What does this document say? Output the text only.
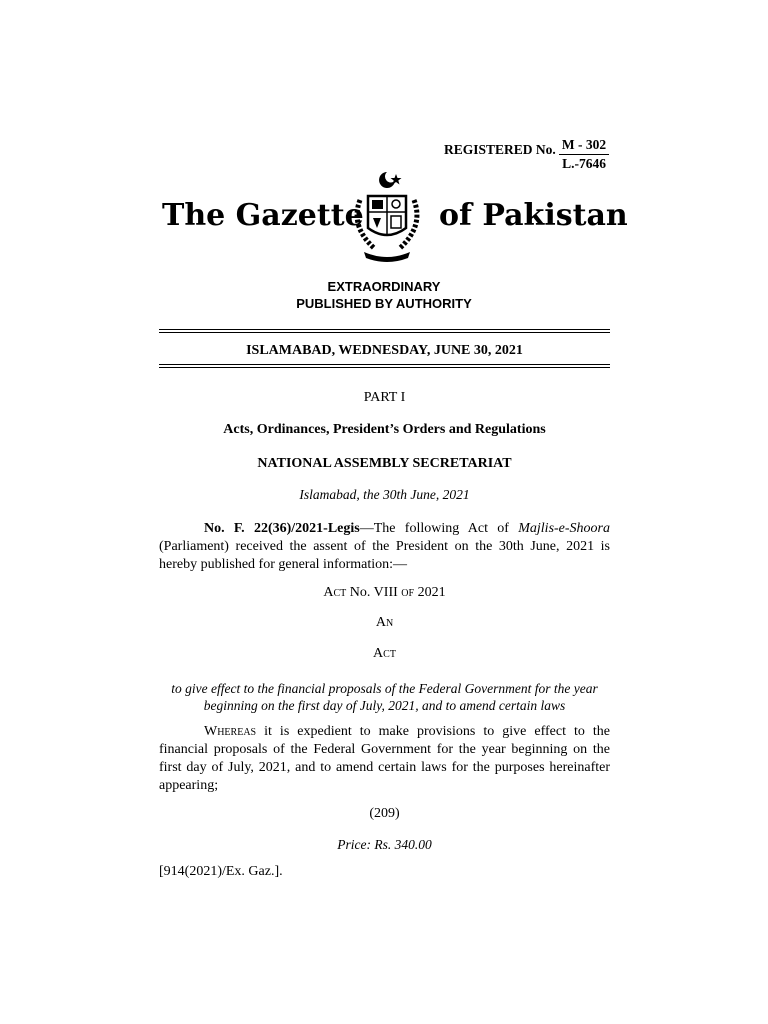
REGISTERED No. $\frac{M - 302}{L.-7646}$
The Gazette	of Pakistan
EXTRAORDINARY
PUBLISHED BY AUTHORITY
ISLAMABAD, WEDNESDAY, JUNE 30, 2021
PART I
Acts, Ordinances, President’s Orders and Regulations
NATIONAL ASSEMBLY SECRETARIAT
Islamabad, the 30th June, 2021
No. F. 22(36)/2021-Legis—The following Act of Majlis-e-Shoora (Parliament) received the assent of the President on the 30th June, 2021 is hereby published for general information:—
Act No. VIII of 2021
An
Act
to give effect to the financial proposals of the Federal Government for the year
beginning on the first day of July, 2021, and to amend certain laws
Whereas it is expedient to make provisions to give effect to the financial proposals of the Federal Government for the year beginning on the first day of July, 2021, and to amend certain laws for the purposes hereinafter appearing;
(209)
Price: Rs. 340.00
[914(2021)/Ex. Gaz.].
